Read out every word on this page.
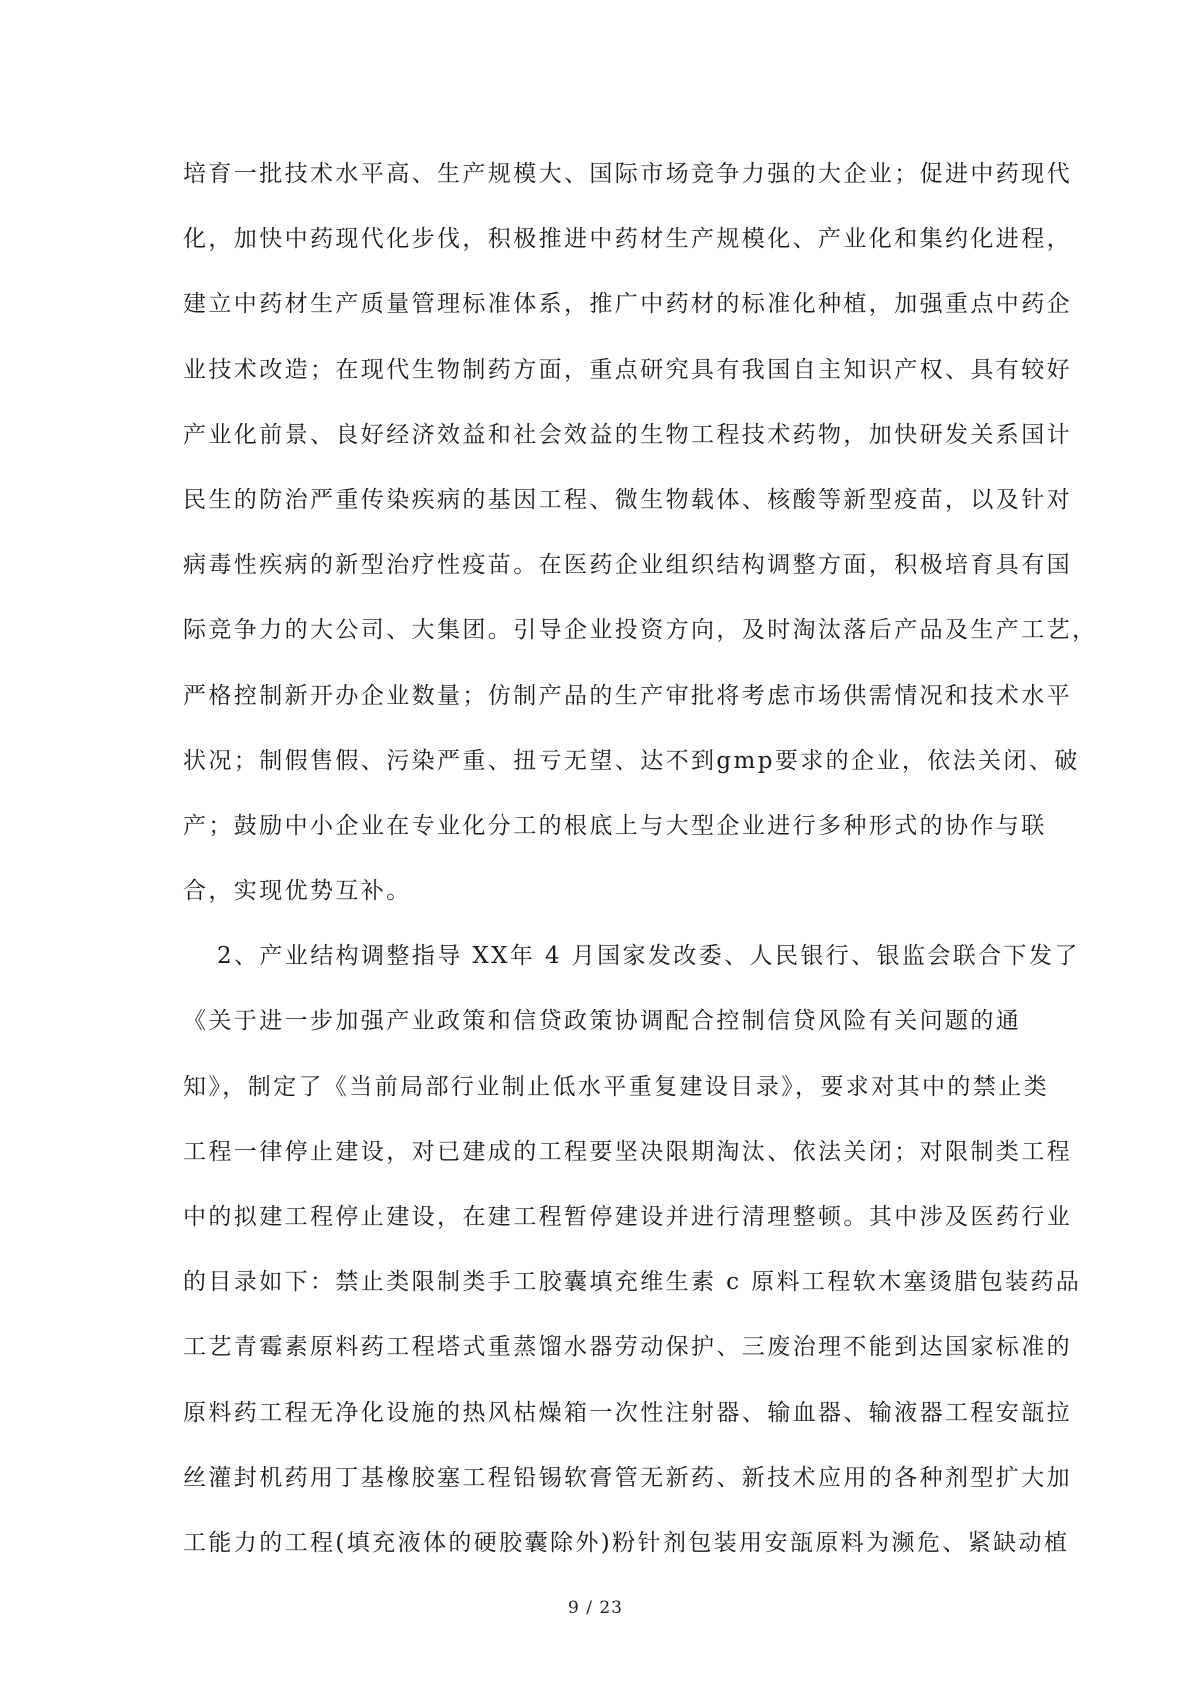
培育一批技术水平高、生产规模大、国际市场竞争力强的大企业；促进中药现代
化，加快中药现代化步伐，积极推进中药材生产规模化、产业化和集约化进程，
建立中药材生产质量管理标准体系，推广中药材的标准化种植，加强重点中药企
业技术改造；在现代生物制药方面，重点研究具有我国自主知识产权、具有较好
产业化前景、良好经济效益和社会效益的生物工程技术药物，加快研发关系国计
民生的防治严重传染疾病的基因工程、微生物载体、核酸等新型疫苗，以及针对
病毒性疾病的新型治疗性疫苗。在医药企业组织结构调整方面，积极培育具有国
际竞争力的大公司、大集团。引导企业投资方向，及时淘汰落后产品及生产工艺，
严格控制新开办企业数量；仿制产品的生产审批将考虑市场供需情况和技术水平
状况；制假售假、污染严重、扭亏无望、达不到gmp要求的企业，依法关闭、破
产；鼓励中小企业在专业化分工的根底上与大型企业进行多种形式的协作与联
合，实现优势互补。
2、产业结构调整指导 XX年 4 月国家发改委、人民银行、银监会联合下发了
《关于进一步加强产业政策和信贷政策协调配合控制信贷风险有关问题的通
知》，制定了《当前局部行业制止低水平重复建设目录》，要求对其中的禁止类
工程一律停止建设，对已建成的工程要坚决限期淘汰、依法关闭；对限制类工程
中的拟建工程停止建设，在建工程暂停建设并进行清理整顿。其中涉及医药行业
的目录如下：禁止类限制类手工胶囊填充维生素 c 原料工程软木塞烫腊包装药品
工艺青霉素原料药工程塔式重蒸馏水器劳动保护、三废治理不能到达国家标准的
原料药工程无净化设施的热风枯燥箱一次性注射器、输血器、输液器工程安瓿拉
丝灌封机药用丁基橡胶塞工程铅锡软膏管无新药、新技术应用的各种剂型扩大加
工能力的工程(填充液体的硬胶囊除外)粉针剂包装用安瓿原料为濒危、紧缺动植
9 / 23
